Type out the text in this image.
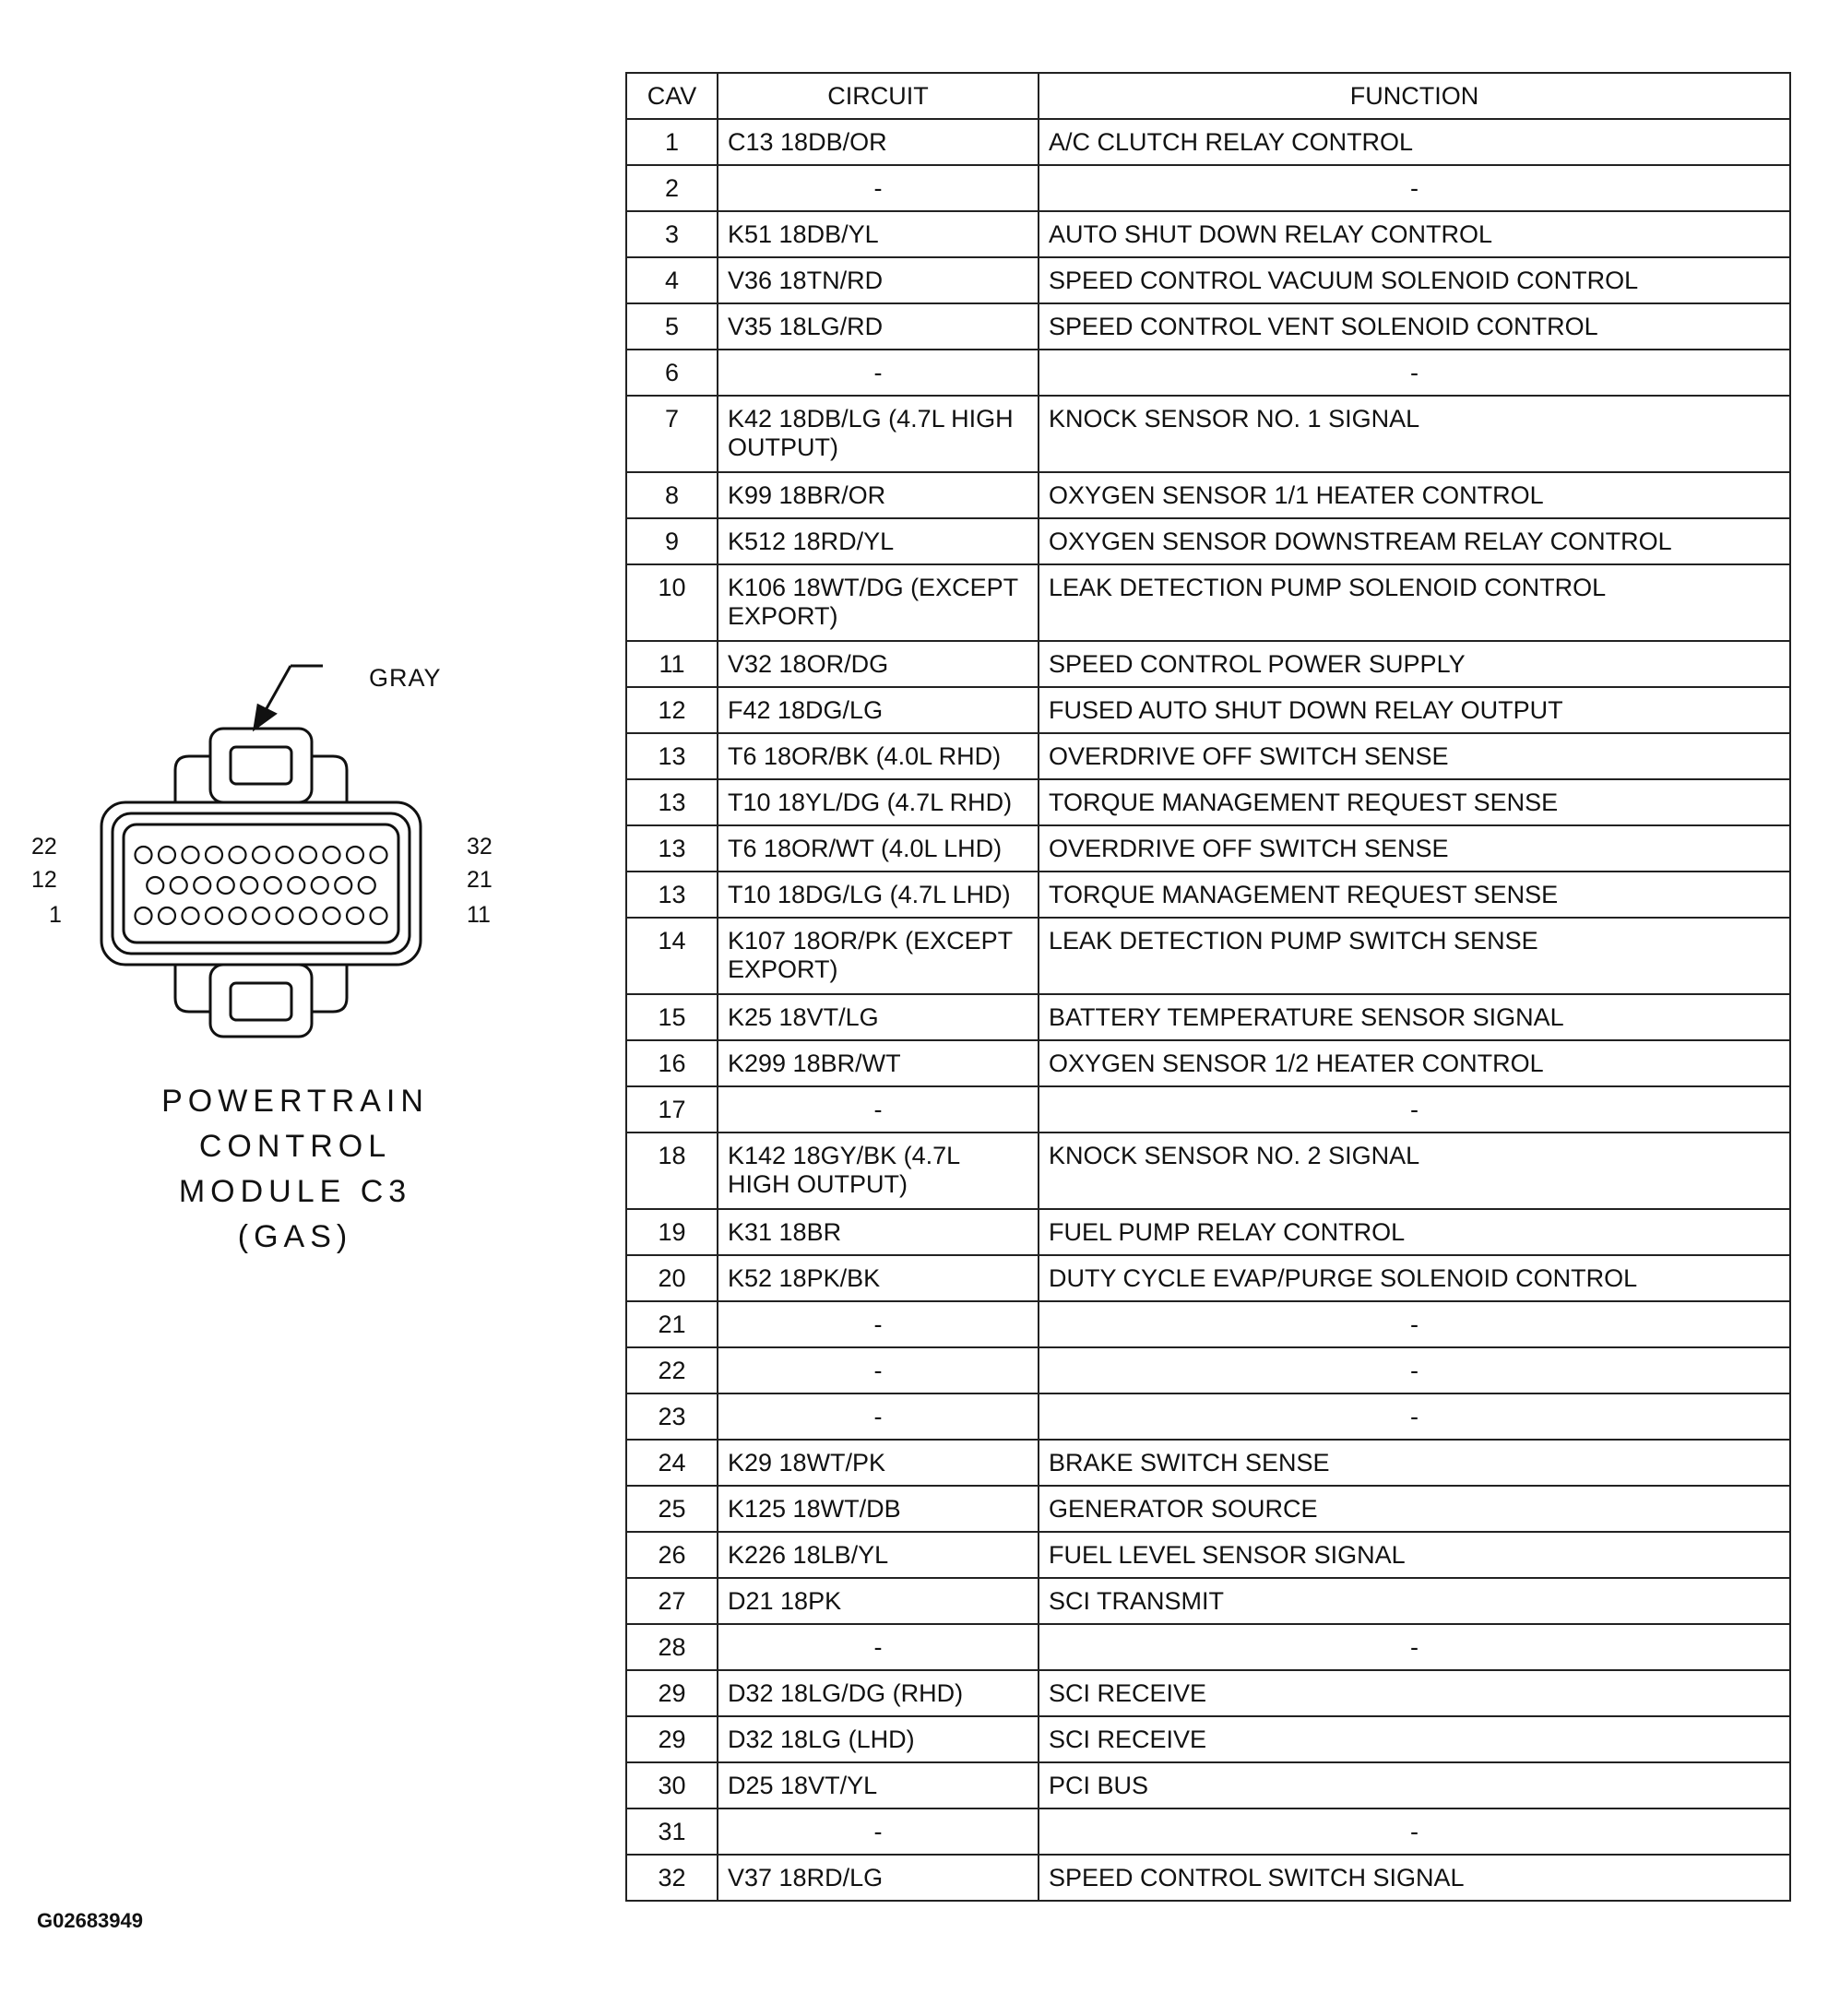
GRAY
22
12
1
32
21
11
POWERTRAIN
CONTROL
MODULE C3
(GAS)
CAV	CIRCUIT	FUNCTION
1	C13 18DB/OR	A/C CLUTCH RELAY CONTROL
2	-	-
3	K51 18DB/YL	AUTO SHUT DOWN RELAY CONTROL
4	V36 18TN/RD	SPEED CONTROL VACUUM SOLENOID CONTROL
5	V35 18LG/RD	SPEED CONTROL VENT SOLENOID CONTROL
6	-	-
7	K42 18DB/LG (4.7L HIGH OUTPUT)	KNOCK SENSOR NO. 1 SIGNAL
8	K99 18BR/OR	OXYGEN SENSOR 1/1 HEATER CONTROL
9	K512 18RD/YL	OXYGEN SENSOR DOWNSTREAM RELAY CONTROL
10	K106 18WT/DG (EXCEPT EXPORT)	LEAK DETECTION PUMP SOLENOID CONTROL
11	V32 18OR/DG	SPEED CONTROL POWER SUPPLY
12	F42 18DG/LG	FUSED AUTO SHUT DOWN RELAY OUTPUT
13	T6 18OR/BK (4.0L RHD)	OVERDRIVE OFF SWITCH SENSE
13	T10 18YL/DG (4.7L RHD)	TORQUE MANAGEMENT REQUEST SENSE
13	T6 18OR/WT (4.0L LHD)	OVERDRIVE OFF SWITCH SENSE
13	T10 18DG/LG (4.7L LHD)	TORQUE MANAGEMENT REQUEST SENSE
14	K107 18OR/PK (EXCEPT EXPORT)	LEAK DETECTION PUMP SWITCH SENSE
15	K25 18VT/LG	BATTERY TEMPERATURE SENSOR SIGNAL
16	K299 18BR/WT	OXYGEN SENSOR 1/2 HEATER CONTROL
17	-	-
18	K142 18GY/BK (4.7L HIGH OUTPUT)	KNOCK SENSOR NO. 2 SIGNAL
19	K31 18BR	FUEL PUMP RELAY CONTROL
20	K52 18PK/BK	DUTY CYCLE EVAP/PURGE SOLENOID CONTROL
21	-	-
22	-	-
23	-	-
24	K29 18WT/PK	BRAKE SWITCH SENSE
25	K125 18WT/DB	GENERATOR SOURCE
26	K226 18LB/YL	FUEL LEVEL SENSOR SIGNAL
27	D21 18PK	SCI TRANSMIT
28	-	-
29	D32 18LG/DG (RHD)	SCI RECEIVE
29	D32 18LG (LHD)	SCI RECEIVE
30	D25 18VT/YL	PCI BUS
31	-	-
32	V37 18RD/LG	SPEED CONTROL SWITCH SIGNAL
G02683949
